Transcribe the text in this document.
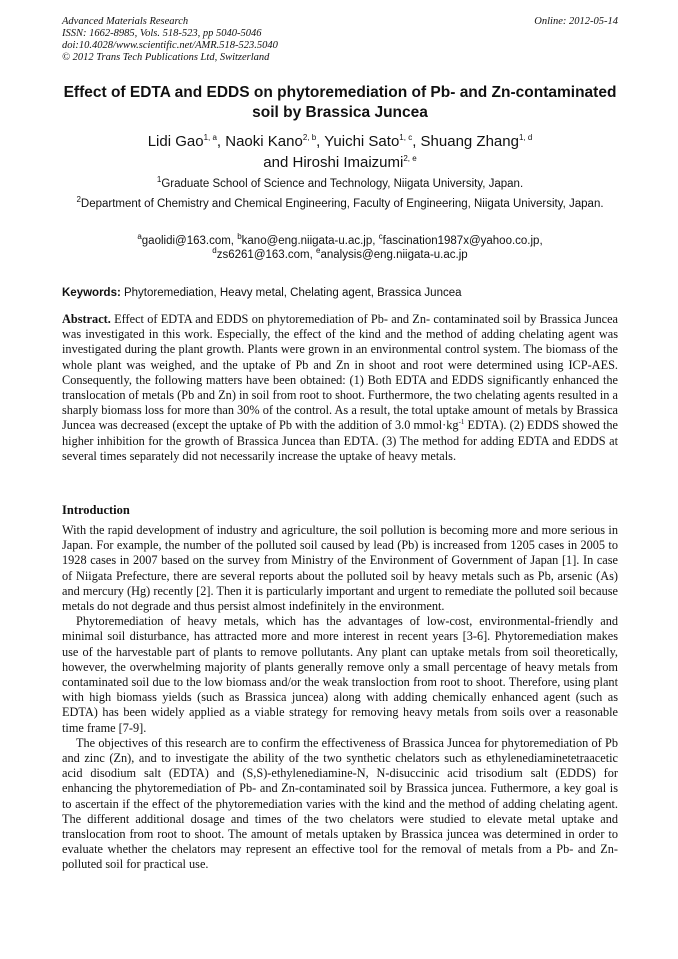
Advanced Materials Research
ISSN: 1662-8985, Vols. 518-523, pp 5040-5046
doi:10.4028/www.scientific.net/AMR.518-523.5040
© 2012 Trans Tech Publications Ltd, Switzerland
Online: 2012-05-14
Effect of EDTA and EDDS on phytoremediation of Pb- and Zn-contaminated soil by Brassica Juncea
Lidi Gao$^{1, a}$, Naoki Kano$^{2, b}$, Yuichi Sato$^{1, c}$, Shuang Zhang$^{1, d}$
and Hiroshi Imaizumi$^{2, e}$
$^1$Graduate School of Science and Technology, Niigata University, Japan.
$^2$Department of Chemistry and Chemical Engineering, Faculty of Engineering, Niigata University, Japan.
$^a$gaolidi@163.com, $^b$kano@eng.niigata-u.ac.jp, $^c$fascination1987x@yahoo.co.jp,
$^d$zs6261@163.com, $^e$analysis@eng.niigata-u.ac.jp
Keywords: Phytoremediation, Heavy metal, Chelating agent, Brassica Juncea
Abstract. Effect of EDTA and EDDS on phytoremediation of Pb- and Zn- contaminated soil by Brassica Juncea was investigated in this work. Especially, the effect of the kind and the method of adding chelating agent was investigated during the plant growth. Plants were grown in an environmental control system. The biomass of the whole plant was weighed, and the uptake of Pb and Zn in shoot and root were determined using ICP-AES. Consequently, the following matters have been obtained: (1) Both EDTA and EDDS significantly enhanced the translocation of metals (Pb and Zn) in soil from root to shoot. Furthermore, the two chelating agents resulted in a sharply biomass loss for more than 30% of the control. As a result, the total uptake amount of metals by Brassica Juncea was decreased (except the uptake of Pb with the addition of 3.0 $mmol\cdot kg^{-1}$ EDTA). (2) EDDS showed the higher inhibition for the growth of Brassica Juncea than EDTA. (3) The method for adding EDTA and EDDS at several times separately did not necessarily increase the uptake of heavy metals.
Introduction

With the rapid development of industry and agriculture, the soil pollution is becoming more and more serious in Japan. For example, the number of the polluted soil caused by lead (Pb) is increased from 1205 cases in 2005 to 1928 cases in 2007 based on the survey from Ministry of the Environment of Government of Japan [1]. In case of Niigata Prefecture, there are several reports about the polluted soil by heavy metals such as Pb, arsenic (As) and mercury (Hg) recently [2]. Then it is particularly important and urgent to remediate the polluted soil because metals do not degrade and thus persist almost indefinitely in the environment.

Phytoremediation of heavy metals, which has the advantages of low-cost, environmental-friendly and minimal soil disturbance, has attracted more and more interest in recent years [3-6]. Phytoremediation makes use of the harvestable part of plants to remove pollutants. Any plant can uptake metals from soil theoretically, however, the overwhelming majority of plants generally remove only a small percentage of heavy metals from contaminated soil due to the low biomass and/or the weak transloction from root to shoot. Therefore, using plant with high biomass yields (such as Brassica juncea) along with adding chemically enhanced agent (such as EDTA) has been widely applied as a viable strategy for removing heavy metals from soils over a reasonable time frame [7-9].

The objectives of this research are to confirm the effectiveness of Brassica Juncea for phytoremediation of Pb and zinc (Zn), and to investigate the ability of the two synthetic chelators such as ethylenediaminetetraacetic acid disodium salt (EDTA) and (S,S)-ethylenediamine-N, N-disuccinic acid trisodium salt (EDDS) for enhancing the phytoremediation of Pb- and Zn-contaminated soil by Brassica juncea. Futhermore, a key goal is to ascertain if the effect of the phytoremediation varies with the kind and the method of adding chelating agent. The different additional dosage and times of the two chelators were studied to elevate metal uptake and translocation from root to shoot. The amount of metals uptaken by Brassica juncea was determined in order to evaluate whether the chelators may represent an effective tool for the removal of metals from a Pb- and Zn- polluted soil for practical use.
